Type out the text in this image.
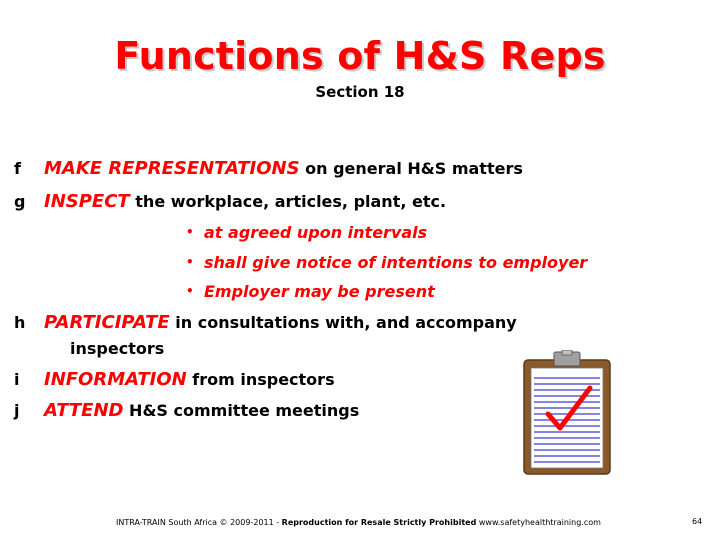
Functions of H&S Reps
Section 18
f MAKE REPRESENTATIONS on general H&S matters
g INSPECT the workplace, articles, plant, etc.
• at agreed upon intervals
• shall give notice of intentions to employer
• Employer may be present
h PARTICIPATE in consultations with, and accompany
inspectors
i INFORMATION from inspectors
j ATTEND H&S committee meetings
INTRA-TRAIN South Africa © 2009-2011 - Reproduction for Resale Strictly Prohibited www.safetyhealthtraining.com	64
